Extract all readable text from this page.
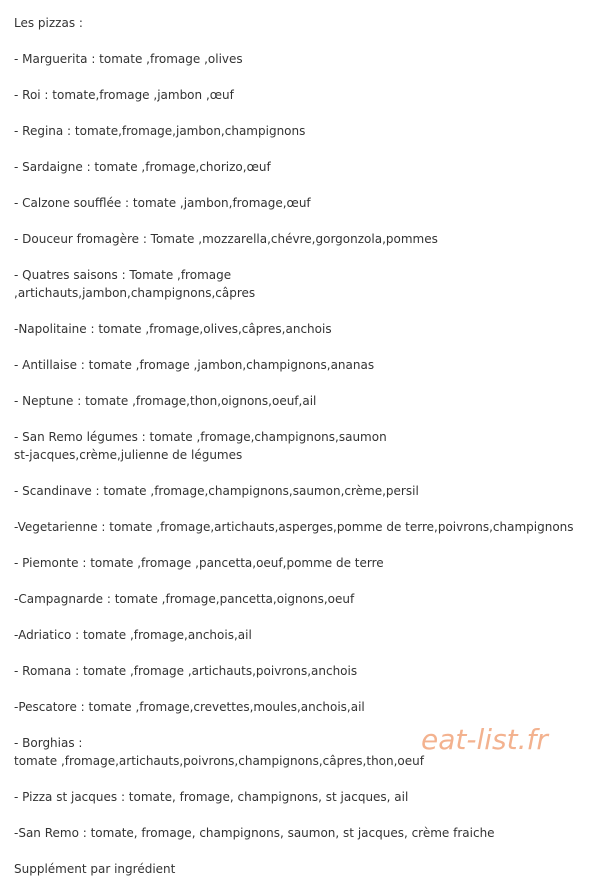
Les pizzas :
- Marguerita : tomate ,fromage ,olives
- Roi : tomate,fromage ,jambon ,œuf
- Regina : tomate,fromage,jambon,champignons
- Sardaigne : tomate ,fromage,chorizo,œuf
- Calzone soufflée : tomate ,jambon,fromage,œuf
- Douceur fromagère : Tomate ,mozzarella,chévre,gorgonzola,pommes
- Quatres saisons : Tomate ,fromage
,artichauts,jambon,champignons,câpres
-Napolitaine : tomate ,fromage,olives,câpres,anchois
- Antillaise : tomate ,fromage ,jambon,champignons,ananas
- Neptune : tomate ,fromage,thon,oignons,oeuf,ail
- San Remo légumes : tomate ,fromage,champignons,saumon
st-jacques,crème,julienne de légumes
- Scandinave : tomate ,fromage,champignons,saumon,crème,persil
-Vegetarienne : tomate ,fromage,artichauts,asperges,pomme de terre,poivrons,champignons
- Piemonte : tomate ,fromage ,pancetta,oeuf,pomme de terre
-Campagnarde : tomate ,fromage,pancetta,oignons,oeuf
-Adriatico : tomate ,fromage,anchois,ail
- Romana : tomate ,fromage ,artichauts,poivrons,anchois
-Pescatore : tomate ,fromage,crevettes,moules,anchois,ail
- Borghias :
tomate ,fromage,artichauts,poivrons,champignons,câpres,thon,oeuf
- Pizza st jacques : tomate, fromage, champignons, st jacques, ail
-San Remo : tomate, fromage, champignons, saumon, st jacques, crème fraiche
Supplément par ingrédient
eat-list.fr
